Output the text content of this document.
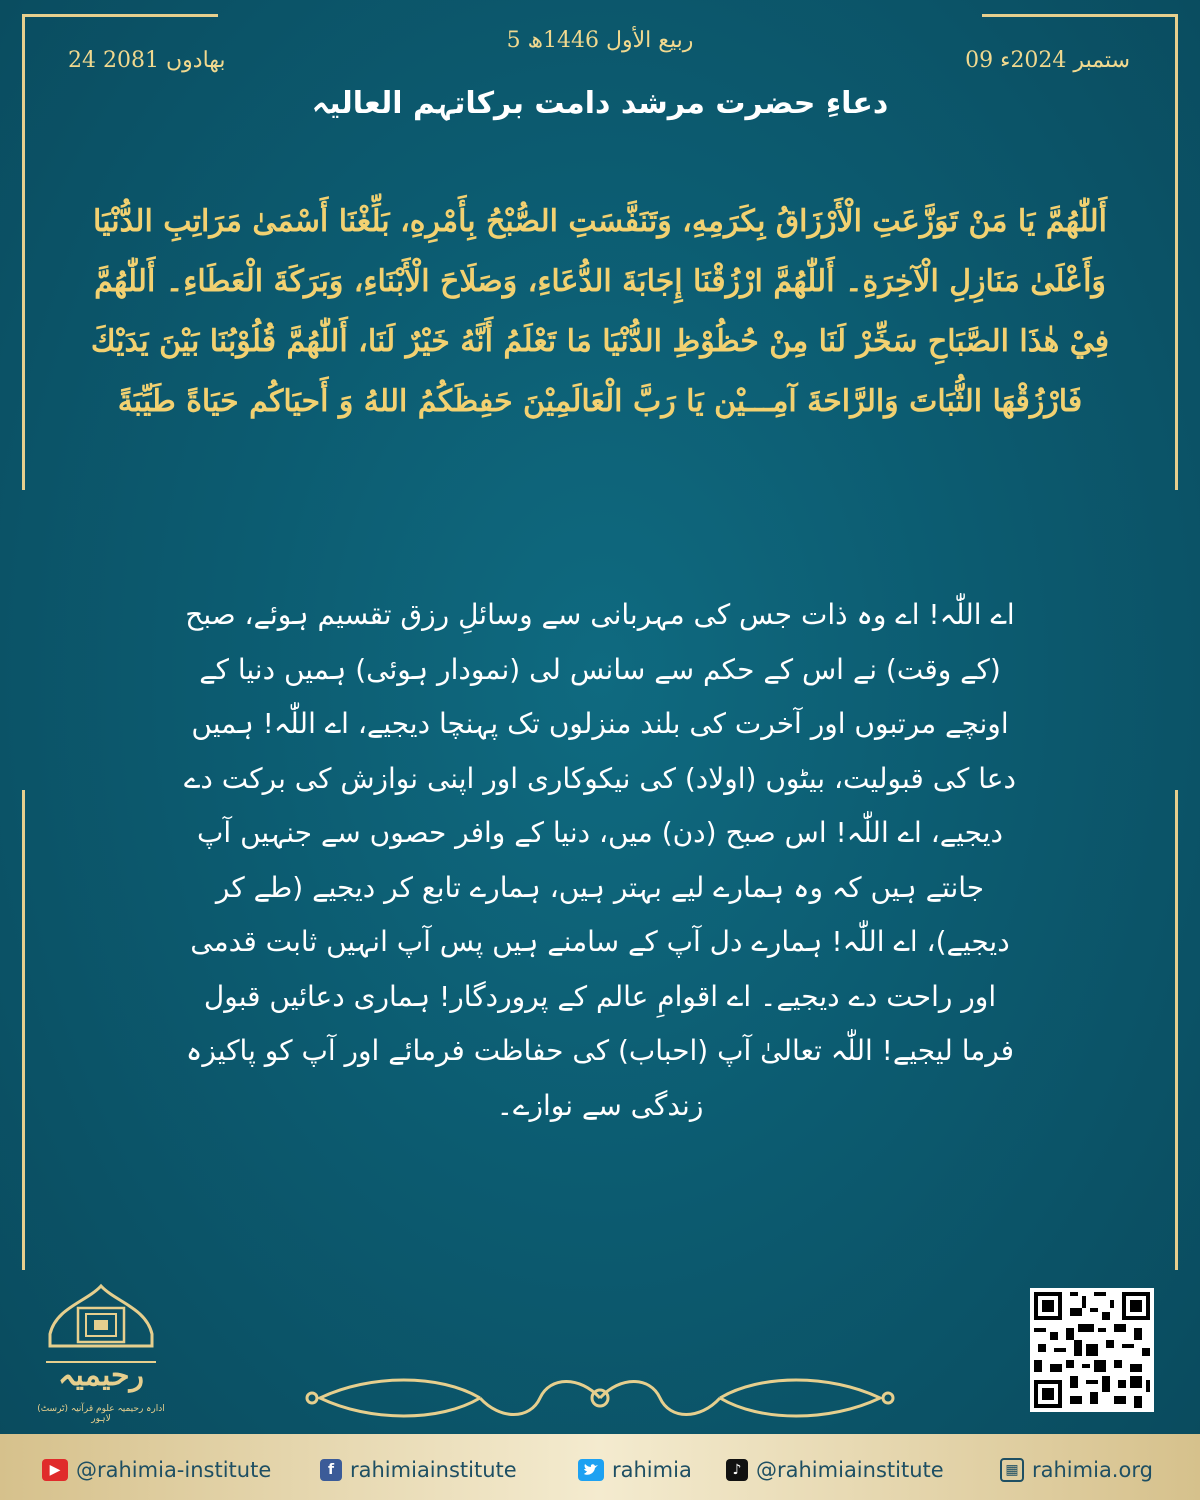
5 ربیع الأول 1446ھ
24 بھادوں 2081	09 ستمبر 2024ء
دعاءِ حضرت مرشد دامت برکاتہم العالیہ
أَللّٰهُمَّ يَا مَنْ تَوَزَّعَتِ الْأَرْزَاقُ بِكَرَمِهِ، وَتَنَفَّسَتِ الصُّبْحُ بِأَمْرِهِ، بَلِّغْنَا أَسْمَىٰ مَرَاتِبِ الدُّنْيَا وَأَعْلَىٰ مَنَازِلِ الْآخِرَةِ۔ أَللّٰهُمَّ ارْزُقْنَا إِجَابَةَ الدُّعَاءِ، وَصَلَاحَ الْأَبْنَاءِ، وَبَرَكَةَ الْعَطَاءِ۔ أَللّٰهُمَّ فِيْ هٰذَا الصَّبَاحِ سَخِّرْ لَنَا مِنْ حُظُوْظِ الدُّنْيَا مَا تَعْلَمُ أَنَّهُ خَيْرٌ لَنَا، أَللّٰهُمَّ قُلُوْبُنَا بَيْنَ يَدَيْكَ فَارْزُقْهَا الثُّبَاتَ وَالرَّاحَةَ آمِـــيْن يَا رَبَّ الْعَالَمِيْنَ حَفِظَكُمُ اللهُ وَ أَحيَاكُم حَيَاةً طَيِّبَةً
اے اللّٰہ! اے وہ ذات جس کی مہربانی سے وسائلِ رزق تقسیم ہوئے، صبح (کے وقت) نے اس کے حکم سے سانس لی (نمودار ہوئی) ہمیں دنیا کے اونچے مرتبوں اور آخرت کی بلند منزلوں تک پہنچا دیجیے، اے اللّٰہ! ہمیں دعا کی قبولیت، بیٹوں (اولاد) کی نیکوکاری اور اپنی نوازش کی برکت دے دیجیے، اے اللّٰہ! اس صبح (دن) میں، دنیا کے وافر حصوں سے جنہیں آپ جانتے ہیں کہ وہ ہمارے لیے بہتر ہیں، ہمارے تابع کر دیجیے (طے کر دیجیے)، اے اللّٰہ! ہمارے دل آپ کے سامنے ہیں پس آپ انہیں ثابت قدمی اور راحت دے دیجیے۔ اے اقوامِ عالم کے پروردگار! ہماری دعائیں قبول فرما لیجیے! اللّٰہ تعالیٰ آپ (احباب) کی حفاظت فرمائے اور آپ کو پاکیزہ زندگی سے نوازے۔
رحیمیہ
ادارہ رحیمیہ علوم قرآنیہ (ٹرسٹ) لاہور
▶ @rahimia-institute	f rahimiainstitute	rahimia	♪ @rahimiainstitute	▦ rahimia.org
